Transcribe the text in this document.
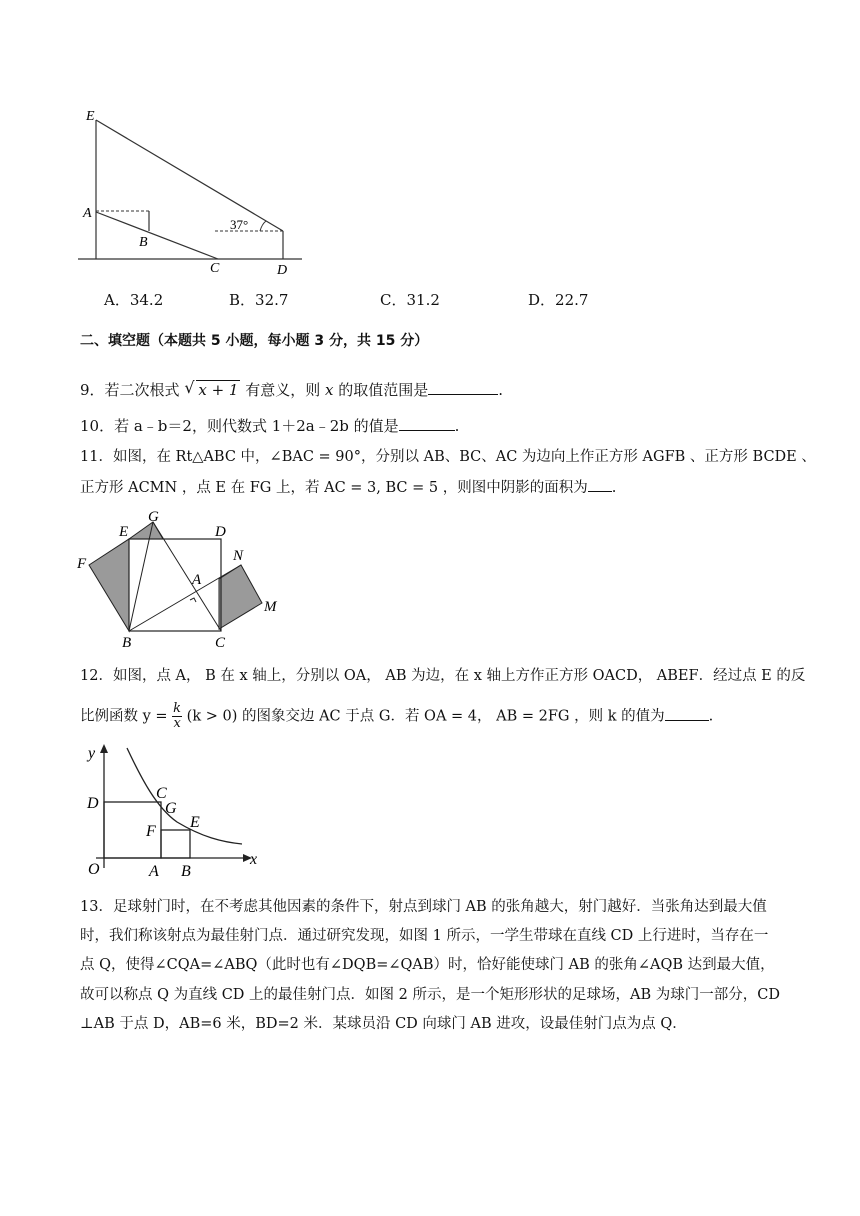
E
A
B
C	D
37°
A．34.2	B．32.7	C．31.2	D．22.7
二、填空题（本题共 5 小题，每小题 3 分，共 15 分）
9．若二次根式 √ x + 1 有意义，则 x 的取值范围是	.
10．若 a﹣b＝2，则代数式 1＋2a﹣2b 的值是	.
11．如图，在 Rt△ABC 中，∠BAC = 90°，分别以 AB、BC、AC 为边向上作正方形 AGFB 、正方形 BCDE 、
正方形 ACMN ，点 E 在 FG 上，若 AC = 3, BC = 5 ，则图中阴影的面积为 .
E
G
D
F	N
A
M
B	C
12．如图，点 A， B 在 x 轴上，分别以 OA， AB 为边，在 x 轴上方作正方形 OACD， ABEF．经过点 E 的反
比例函数 $y = \frac{k}{x} (k > 0)$ 的图象交边 AC 于点 G．若 OA = 4， AB = 2FG ，则 k 的值为	.
y
x
O
D
C
G
F
E
A B
13．足球射门时，在不考虑其他因素的条件下，射点到球门 AB 的张角越大，射门越好．当张角达到最大值
时，我们称该射点为最佳射门点．通过研究发现，如图 1 所示，一学生带球在直线 CD 上行进时，当存在一
点 Q，使得∠CQA=∠ABQ（此时也有∠DQB=∠QAB）时，恰好能使球门 AB 的张角∠AQB 达到最大值，
故可以称点 Q 为直线 CD 上的最佳射门点．如图 2 所示，是一个矩形形状的足球场，AB 为球门一部分，CD
⊥AB 于点 D，AB=6 米，BD=2 米．某球员沿 CD 向球门 AB 进攻，设最佳射门点为点 Q．
